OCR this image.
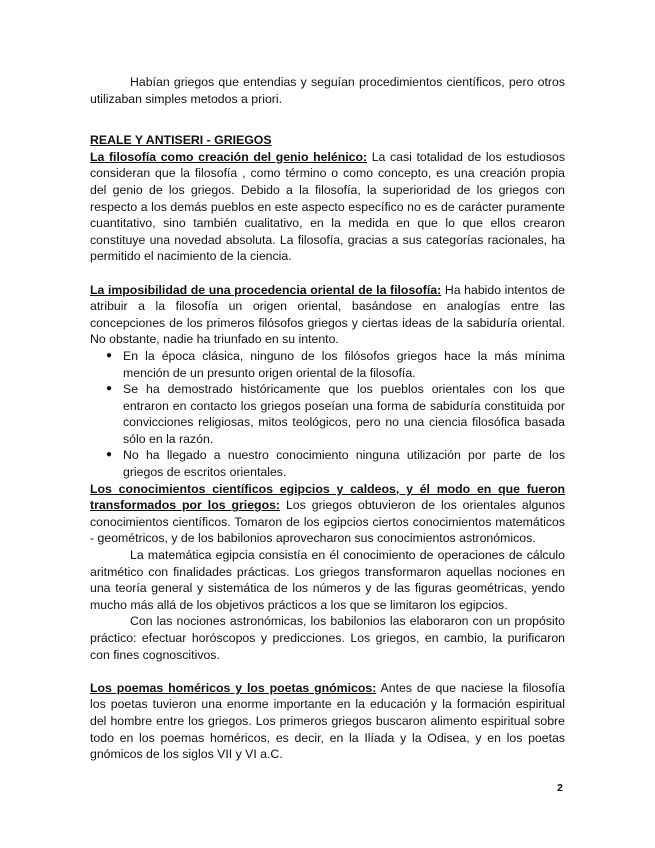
Habían griegos que entendias y seguían procedimientos científicos, pero otros utilizaban simples metodos a priori.

REALE Y ANTISERI - GRIEGOS

La filosofía como creación del genio helénico: La casi totalidad de los estudiosos consideran que la filosofía , como término o como concepto, es una creación propia del genio de los griegos. Debido a la filosofía, la superioridad de los griegos con respecto a los demás pueblos en este aspecto específico no es de carácter puramente cuantitativo, sino también cualitativo, en la medida en que lo que ellos crearon constituye una novedad absoluta. La filosofía, gracias a sus categorías racionales, ha permitido el nacimiento de la ciencia.

La imposibilidad de una procedencia oriental de la filosofía: Ha habido intentos de atribuir a la filosofía un origen oriental, basándose en analogías entre las concepciones de los primeros filósofos griegos y ciertas ideas de la sabiduría oriental. No obstante, nadie ha triunfado en su intento.

● En la época clásica, ninguno de los filósofos griegos hace la más mínima mención de un presunto origen oriental de la filosofía.
● Se ha demostrado históricamente que los pueblos orientales con los que entraron en contacto los griegos poseían una forma de sabiduría constituida por convicciones religiosas, mitos teológicos, pero no una ciencia filosófica basada sólo en la razón.
● No ha llegado a nuestro conocimiento ninguna utilización por parte de los griegos de escritos orientales.

Los conocimientos científicos egipcios y caldeos, y él modo en que fueron transformados por los griegos: Los griegos obtuvieron de los orientales algunos conocimientos científicos. Tomaron de los egipcios ciertos conocimientos matemáticos - geométricos, y de los babilonios aprovecharon sus conocimientos astronómicos.

La matemática egipcia consistía en él conocimiento de operaciones de cálculo aritmético con finalidades prácticas. Los griegos transformaron aquellas nociones en una teoría general y sistemática de los números y de las figuras geométricas, yendo mucho más allá de los objetivos prácticos a los que se limitaron los egipcios.

Con las nociones astronómicas, los babilonios las elaboraron con un propósito práctico: efectuar horóscopos y predicciones. Los griegos, en cambio, la purificaron con fines cognoscitivos.

Los poemas homéricos y los poetas gnómicos: Antes de que naciese la filosofía los poetas tuvieron una enorme importante en la educación y la formación espiritual del hombre entre los griegos. Los primeros griegos buscaron alimento espiritual sobre todo en los poemas homéricos, es decir, en la Ilíada y la Odisea, y en los poetas gnómicos de los siglos VII y VI a.C.

2
